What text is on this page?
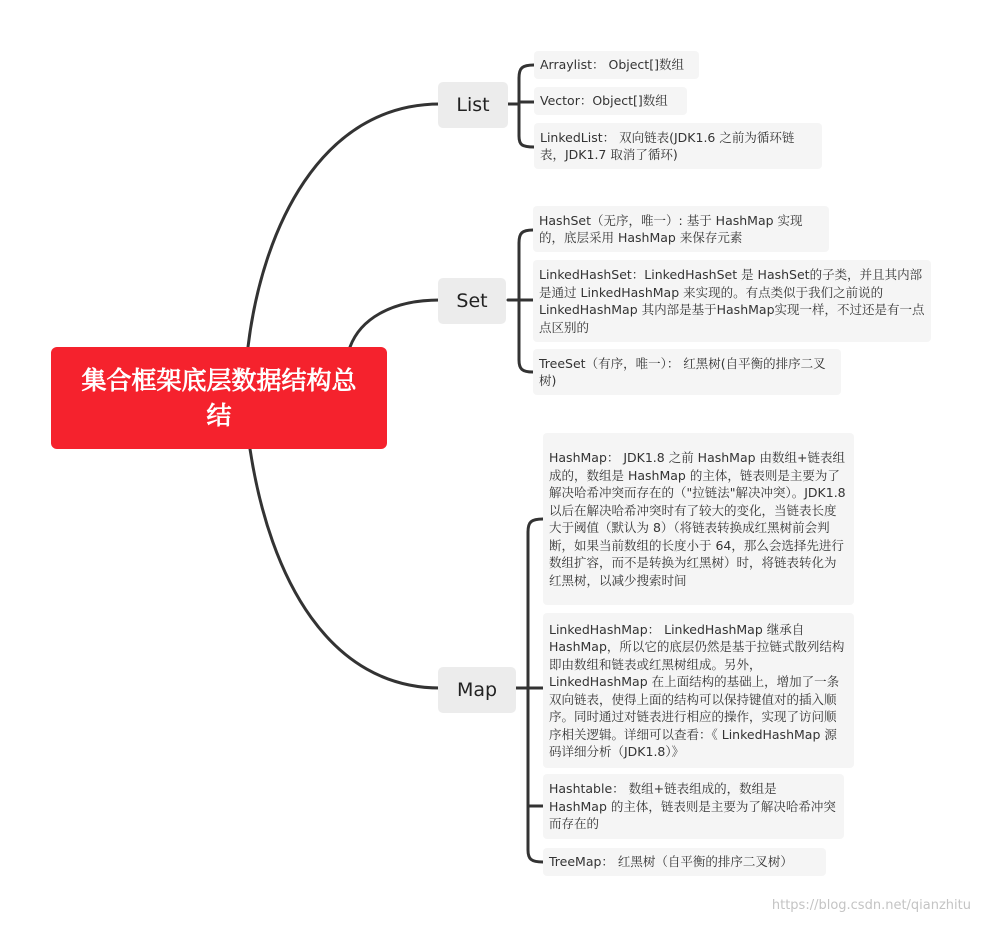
集合框架底层数据结构总结
List
Arraylist： Object[]数组
Vector：Object[]数组
LinkedList： 双向链表(JDK1.6 之前为循环链表，JDK1.7 取消了循环)
Set
HashSet（无序，唯一）: 基于 HashMap 实现的，底层采用 HashMap 来保存元素
LinkedHashSet：LinkedHashSet 是 HashSet的子类，并且其内部是通过 LinkedHashMap 来实现的。有点类似于我们之前说的 LinkedHashMap 其内部是基于HashMap实现一样，不过还是有一点点区别的
TreeSet（有序，唯一）： 红黑树(自平衡的排序二叉树)
Map
HashMap： JDK1.8 之前 HashMap 由数组+链表组成的，数组是 HashMap 的主体，链表则是主要为了解决哈希冲突而存在的（"拉链法"解决冲突）。JDK1.8 以后在解决哈希冲突时有了较大的变化，当链表长度大于阈值（默认为 8）（将链表转换成红黑树前会判断，如果当前数组的长度小于 64，那么会选择先进行数组扩容，而不是转换为红黑树）时，将链表转化为红黑树，以减少搜索时间
LinkedHashMap： LinkedHashMap 继承自 HashMap，所以它的底层仍然是基于拉链式散列结构即由数组和链表或红黑树组成。另外，LinkedHashMap 在上面结构的基础上，增加了一条双向链表，使得上面的结构可以保持键值对的插入顺序。同时通过对链表进行相应的操作，实现了访问顺序相关逻辑。详细可以查看：《 LinkedHashMap 源码详细分析（JDK1.8）》
Hashtable： 数组+链表组成的，数组是 HashMap 的主体，链表则是主要为了解决哈希冲突而存在的
TreeMap： 红黑树（自平衡的排序二叉树）
https://blog.csdn.net/qianzhitu
